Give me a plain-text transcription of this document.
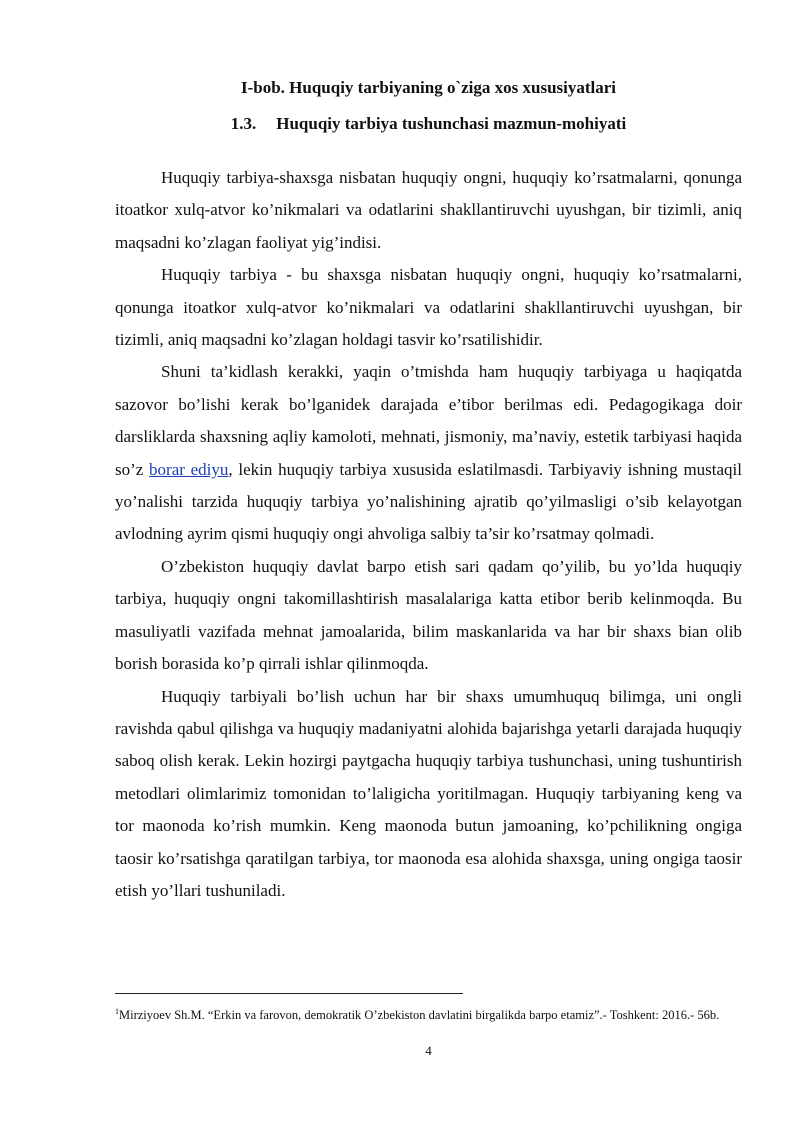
I-bob. Huquqiy tarbiyaning o`ziga xos xususiyatlari
1.3. Huquqiy tarbiya tushunchasi mazmun-mohiyati

Huquqiy tarbiya-shaxsga nisbatan huquqiy ongni, huquqiy ko’rsatmalarni, qonunga itoatkor xulq-atvor ko’nikmalari va odatlarini shakllantiruvchi uyushgan, bir tizimli, aniq maqsadni ko’zlagan faoliyat yig’indisi.

Huquqiy tarbiya - bu shaxsga nisbatan huquqiy ongni, huquqiy ko’rsatmalarni, qonunga itoatkor xulq-atvor ko’nikmalari va odatlarini shakllantiruvchi uyushgan, bir tizimli, aniq maqsadni ko’zlagan holdagi tasvir ko’rsatilishidir.

Shuni ta’kidlash kerakki, yaqin o’tmishda ham huquqiy tarbiyaga u haqiqatda sazovor bo’lishi kerak bo’lganidek darajada e’tibor berilmas edi. Pedagogikaga doir darsliklarda shaxsning aqliy kamoloti, mehnati, jismoniy, ma’naviy, estetik tarbiyasi haqida so’z borar ediyu, lekin huquqiy tarbiya xususida eslatilmasdi. Tarbiyaviy ishning mustaqil yo’nalishi tarzida huquqiy tarbiya yo’nalishining ajratib qo’yilmasligi o’sib kelayotgan avlodning ayrim qismi huquqiy ongi ahvoliga salbiy ta’sir ko’rsatmay qolmadi.

O’zbekiston huquqiy davlat barpo etish sari qadam qo’yilib, bu yo’lda huquqiy tarbiya, huquqiy ongni takomillashtirish masalalariga katta etibor berib kelinmoqda. Bu masuliyatli vazifada mehnat jamoalarida, bilim maskanlarida va har bir shaxs bian olib borish borasida ko’p qirrali ishlar qilinmoqda.

Huquqiy tarbiyali bo’lish uchun har bir shaxs umumhuquq bilimga, uni ongli ravishda qabul qilishga va huquqiy madaniyatni alohida bajarishga yetarli darajada huquqiy saboq olish kerak. Lekin hozirgi paytgacha huquqiy tarbiya tushunchasi, uning tushuntirish metodlari olimlarimiz tomonidan to’laligicha yoritilmagan. Huquqiy tarbiyaning keng va tor maonoda ko’rish mumkin. Keng maonoda butun jamoaning, ko’pchilikning ongiga taosir ko’rsatishga qaratilgan tarbiya, tor maonoda esa alohida shaxsga, uning ongiga taosir etish yo’llari tushuniladi.

$^1$Mirziyoev Sh.M. “Erkin va farovon, demokratik O’zbekiston davlatini birgalikda barpo etamiz”.- Toshkent: 2016.- 56b.
4
